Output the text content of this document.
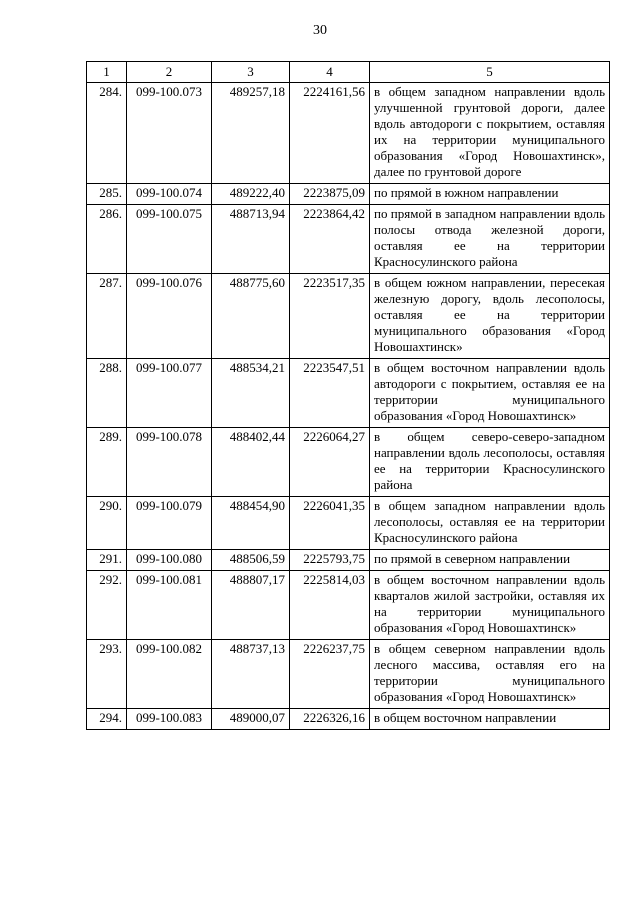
30
1	2	3	4	5
284.	099-100.073	489257,18	2224161,56	в общем западном направлении вдоль улучшенной грунтовой дороги, далее вдоль автодороги с покрытием, оставляя их на территории муниципального образования «Город Новошахтинск», далее по грунтовой дороге
285.	099-100.074	489222,40	2223875,09	по прямой в южном направлении
286.	099-100.075	488713,94	2223864,42	по прямой в западном направлении вдоль полосы отвода железной дороги, оставляя ее на территории Красносулинского района
287.	099-100.076	488775,60	2223517,35	в общем южном направлении, пересекая железную дорогу, вдоль лесополосы, оставляя ее на территории муниципального образования «Город Новошахтинск»
288.	099-100.077	488534,21	2223547,51	в общем восточном направлении вдоль автодороги с покрытием, оставляя ее на территории муниципального образования «Город Новошахтинск»
289.	099-100.078	488402,44	2226064,27	в общем северо-северо-западном направлении вдоль лесополосы, оставляя ее на территории Красносулинского района
290.	099-100.079	488454,90	2226041,35	в общем западном направлении вдоль лесополосы, оставляя ее на территории Красносулинского района
291.	099-100.080	488506,59	2225793,75	по прямой в северном направлении
292.	099-100.081	488807,17	2225814,03	в общем восточном направлении вдоль кварталов жилой застройки, оставляя их на территории муниципального образования «Город Новошахтинск»
293.	099-100.082	488737,13	2226237,75	в общем северном направлении вдоль лесного массива, оставляя его на территории муниципального образования «Город Новошахтинск»
294.	099-100.083	489000,07	2226326,16	в общем восточном направлении
